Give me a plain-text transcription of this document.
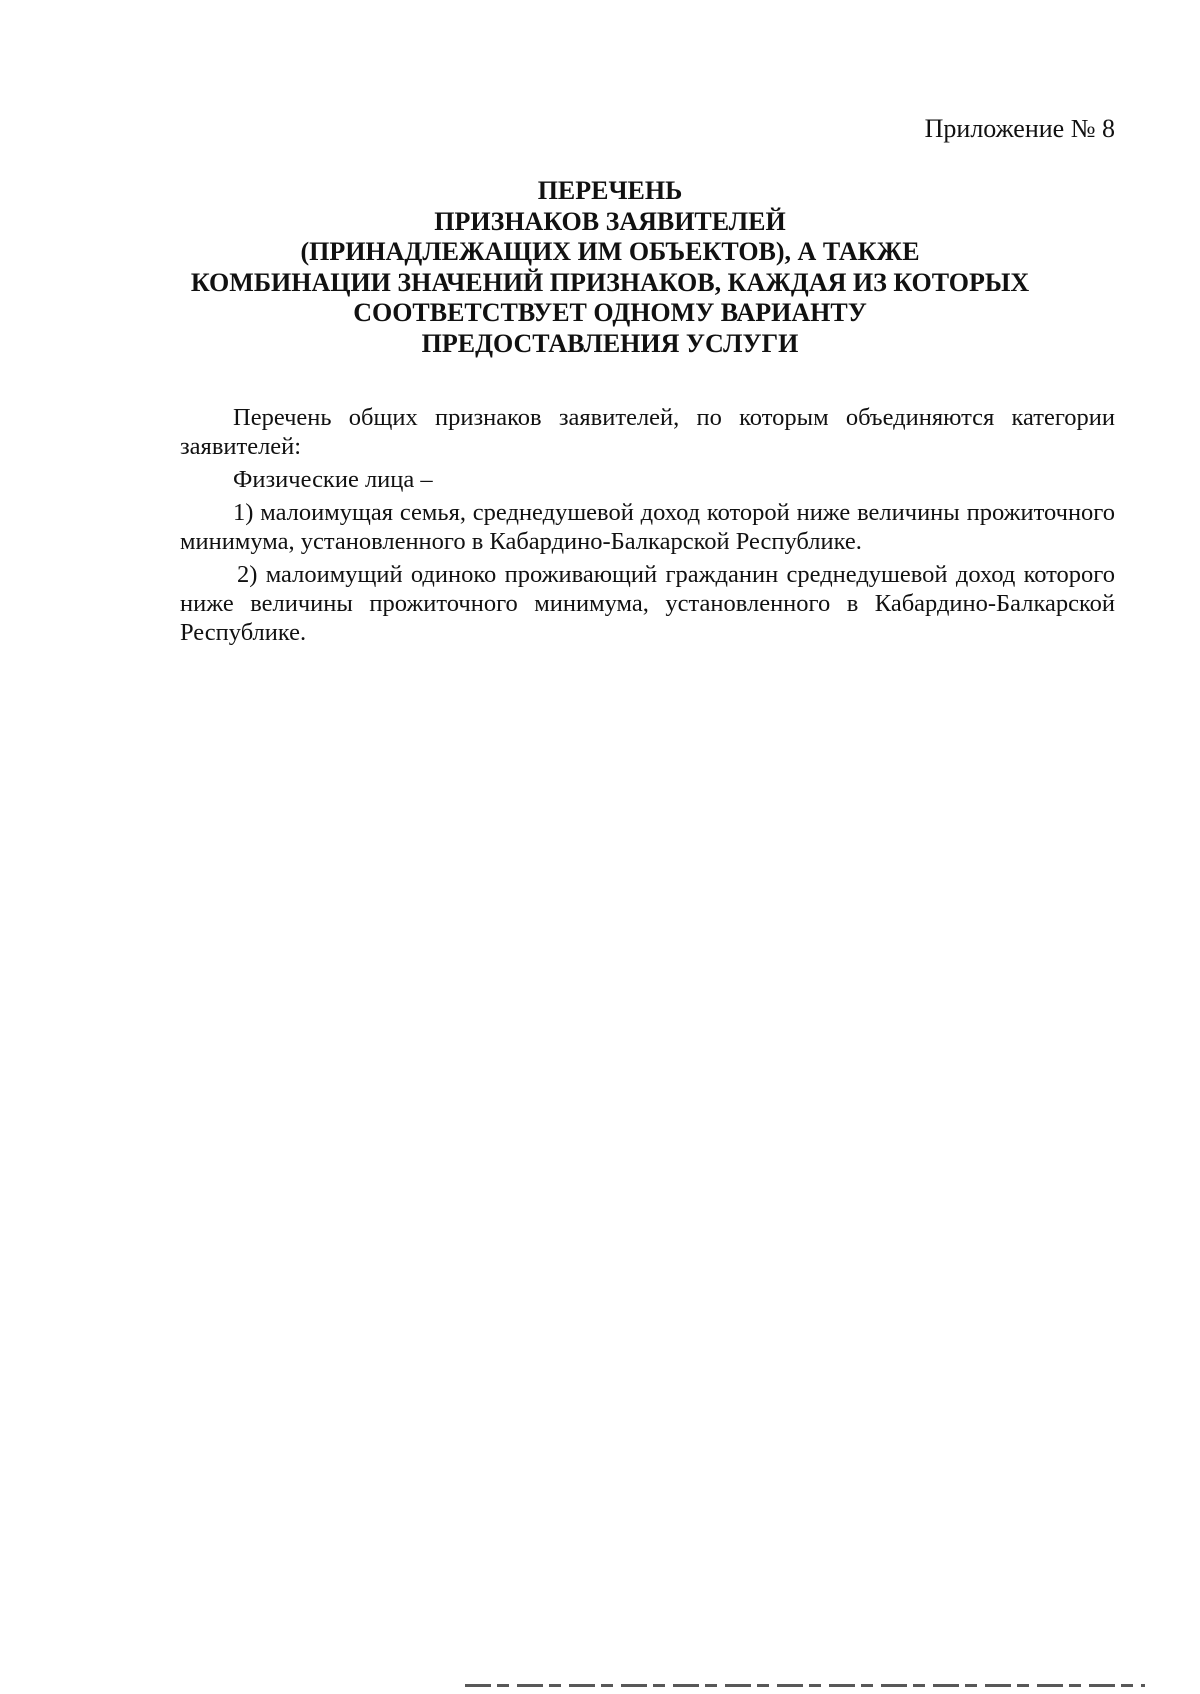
Приложение № 8

ПЕРЕЧЕНЬ
ПРИЗНАКОВ ЗАЯВИТЕЛЕЙ
(ПРИНАДЛЕЖАЩИХ ИМ ОБЪЕКТОВ), А ТАКЖЕ
КОМБИНАЦИИ ЗНАЧЕНИЙ ПРИЗНАКОВ, КАЖДАЯ ИЗ КОТОРЫХ
СООТВЕТСТВУЕТ ОДНОМУ ВАРИАНТУ
ПРЕДОСТАВЛЕНИЯ УСЛУГИ

Перечень общих признаков заявителей, по которым объединяются категории заявителей:

Физические лица –

1) малоимущая семья, среднедушевой доход которой ниже величины прожиточного минимума, установленного в Кабардино-Балкарской Республике.

2) малоимущий одиноко проживающий гражданин среднедушевой доход которого ниже величины прожиточного минимума, установленного в Кабардино-Балкарской Республике.
